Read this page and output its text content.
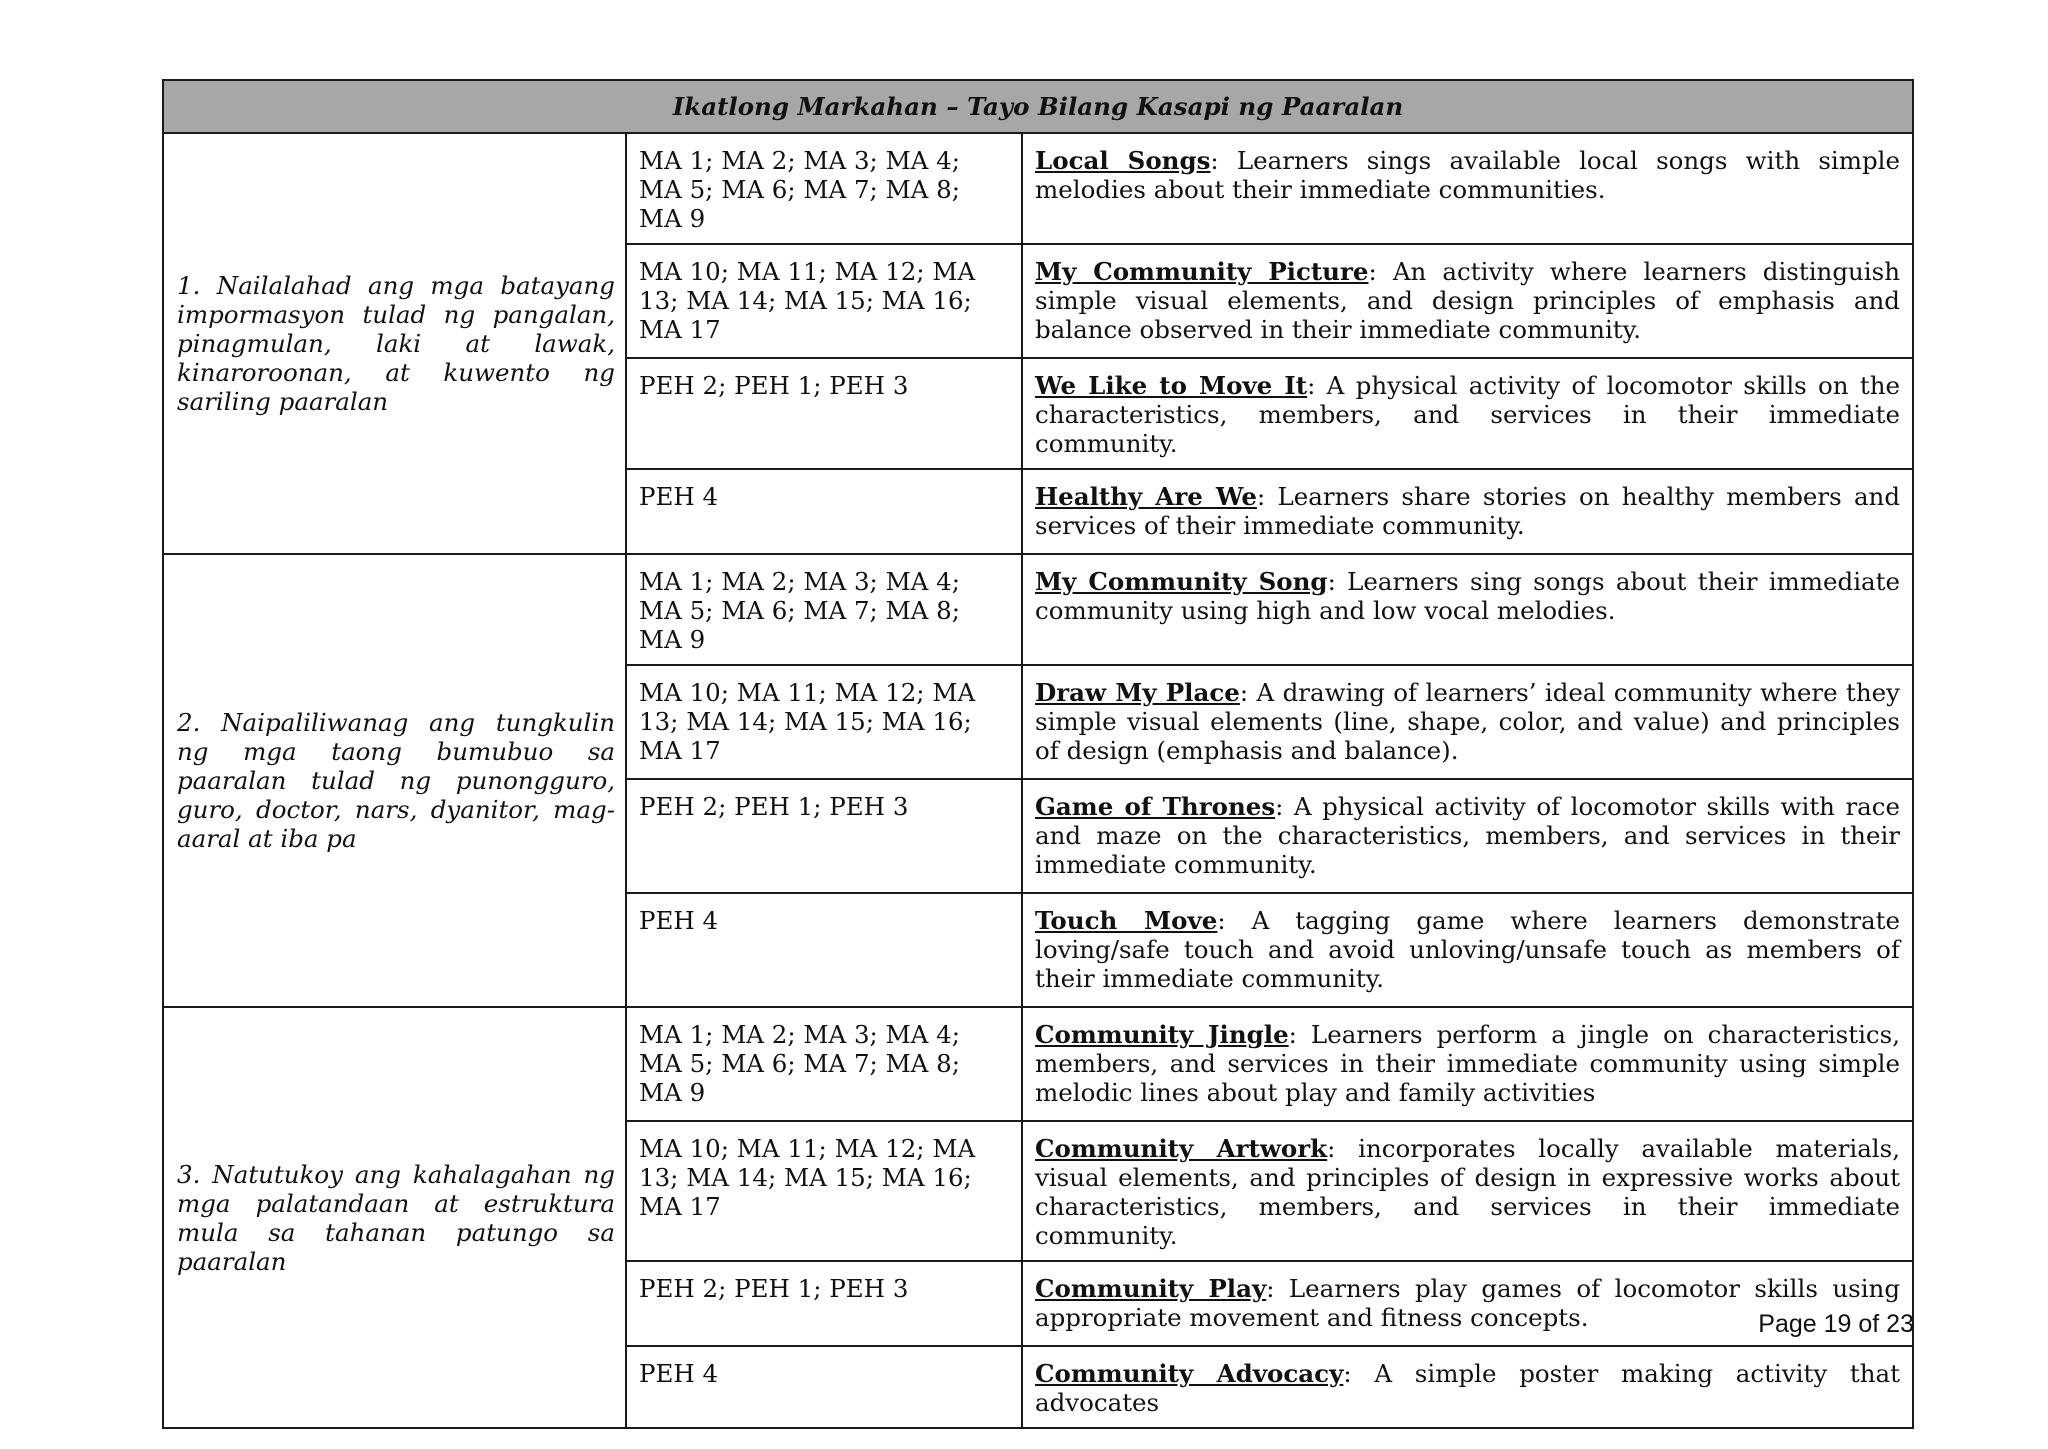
Ikatlong Markahan – Tayo Bilang Kasapi ng Paaralan		

1. Nailalahad ang mga batayang impormasyon tulad ng pangalan, pinagmulan, laki at lawak, kinaroroonan, at kuwento ng sariling paaralan	MA 1; MA 2; MA 3; MA 4; MA 5; MA 6; MA 7; MA 8; MA 9	Local Songs: Learners sings available local songs with simple melodies about their immediate communities.
	MA 10; MA 11; MA 12; MA 13; MA 14; MA 15; MA 16; MA 17	My Community Picture: An activity where learners distinguish simple visual elements, and design principles of emphasis and balance observed in their immediate community.
	PEH 2; PEH 1; PEH 3	We Like to Move It: A physical activity of locomotor skills on the characteristics, members, and services in their immediate community.
	PEH 4	Healthy Are We: Learners share stories on healthy members and services of their immediate community.

2. Naipaliliwanag ang tungkulin ng mga taong bumubuo sa paaralan tulad ng punongguro, guro, doctor, nars, dyanitor, mag-aaral at iba pa	MA 1; MA 2; MA 3; MA 4; MA 5; MA 6; MA 7; MA 8; MA 9	My Community Song: Learners sing songs about their immediate community using high and low vocal melodies.
	MA 10; MA 11; MA 12; MA 13; MA 14; MA 15; MA 16; MA 17	Draw My Place: A drawing of learners’ ideal community where they simple visual elements (line, shape, color, and value) and principles of design (emphasis and balance).
	PEH 2; PEH 1; PEH 3	Game of Thrones: A physical activity of locomotor skills with race and maze on the characteristics, members, and services in their immediate community.
	PEH 4	Touch Move: A tagging game where learners demonstrate loving/safe touch and avoid unloving/unsafe touch as members of their immediate community.

3. Natutukoy ang kahalagahan ng mga palatandaan at estruktura mula sa tahanan patungo sa paaralan	MA 1; MA 2; MA 3; MA 4; MA 5; MA 6; MA 7; MA 8; MA 9	Community Jingle: Learners perform a jingle on characteristics, members, and services in their immediate community using simple melodic lines about play and family activities
	MA 10; MA 11; MA 12; MA 13; MA 14; MA 15; MA 16; MA 17	Community Artwork: incorporates locally available materials, visual elements, and principles of design in expressive works about characteristics, members, and services in their immediate community.
	PEH 2; PEH 1; PEH 3	Community Play: Learners play games of locomotor skills using appropriate movement and fitness concepts.
	PEH 4	Community Advocacy: A simple poster making activity that advocates
Page 19 of 23
